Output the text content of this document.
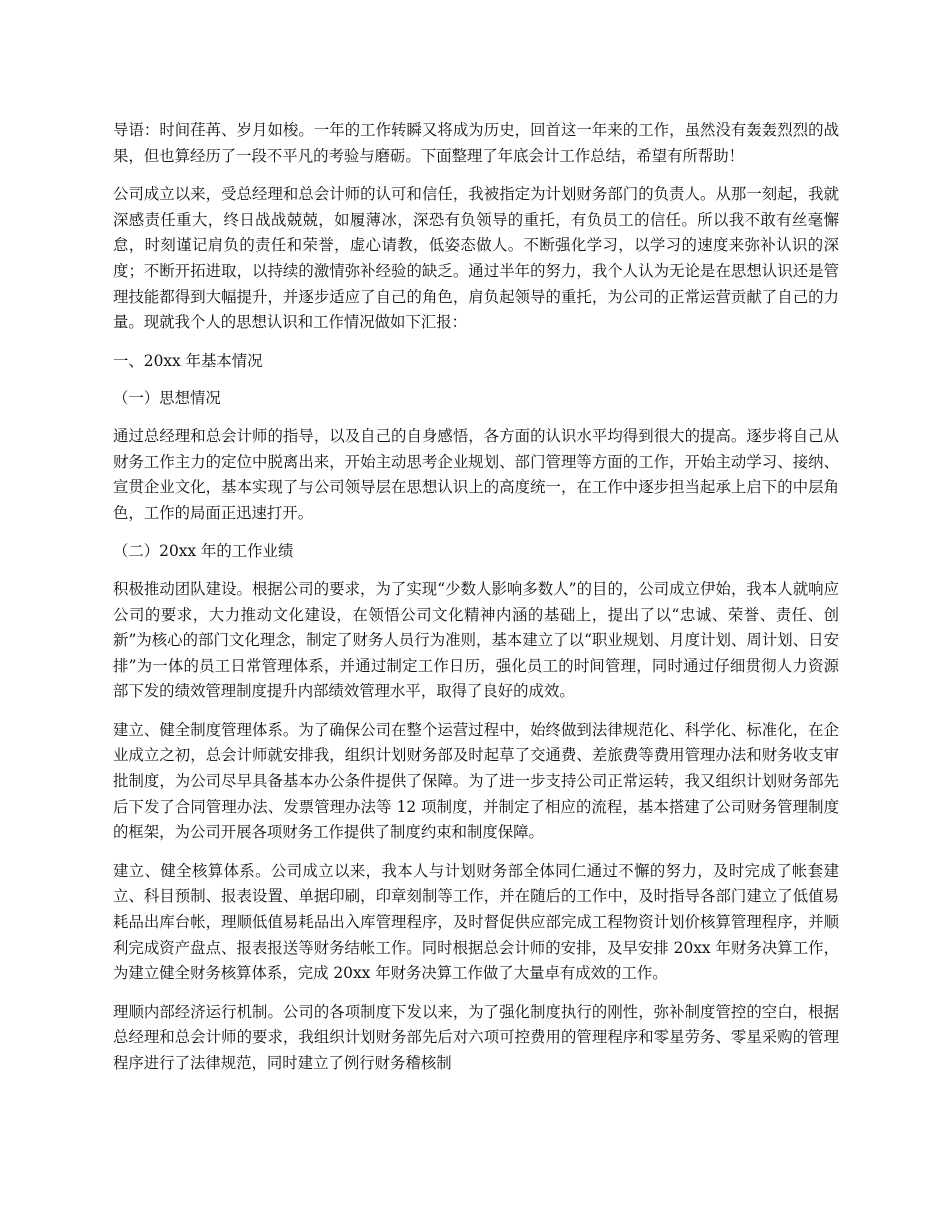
导语：时间荏苒、岁月如梭。一年的工作转瞬又将成为历史，回首这一年来的工作，虽然没有轰轰烈烈的战果，但也算经历了一段不平凡的考验与磨砺。下面整理了年底会计工作总结，希望有所帮助！

公司成立以来，受总经理和总会计师的认可和信任，我被指定为计划财务部门的负责人。从那一刻起，我就深感责任重大，终日战战兢兢，如履薄冰，深恐有负领导的重托，有负员工的信任。所以我不敢有丝毫懈怠，时刻谨记肩负的责任和荣誉，虚心请教，低姿态做人。不断强化学习，以学习的速度来弥补认识的深度；不断开拓进取，以持续的激情弥补经验的缺乏。通过半年的努力，我个人认为无论是在思想认识还是管理技能都得到大幅提升，并逐步适应了自己的角色，肩负起领导的重托，为公司的正常运营贡献了自己的力量。现就我个人的思想认识和工作情况做如下汇报：

一、20xx 年基本情况

（一）思想情况

通过总经理和总会计师的指导，以及自己的自身感悟，各方面的认识水平均得到很大的提高。逐步将自己从财务工作主力的定位中脱离出来，开始主动思考企业规划、部门管理等方面的工作，开始主动学习、接纳、宣贯企业文化，基本实现了与公司领导层在思想认识上的高度统一，在工作中逐步担当起承上启下的中层角色，工作的局面正迅速打开。

（二）20xx 年的工作业绩

积极推动团队建设。根据公司的要求，为了实现“少数人影响多数人”的目的，公司成立伊始，我本人就响应公司的要求，大力推动文化建设，在领悟公司文化精神内涵的基础上，提出了以“忠诚、荣誉、责任、创新”为核心的部门文化理念，制定了财务人员行为准则，基本建立了以“职业规划、月度计划、周计划、日安排”为一体的员工日常管理体系，并通过制定工作日历，强化员工的时间管理，同时通过仔细贯彻人力资源部下发的绩效管理制度提升内部绩效管理水平，取得了良好的成效。

建立、健全制度管理体系。为了确保公司在整个运营过程中，始终做到法律规范化、科学化、标准化，在企业成立之初，总会计师就安排我，组织计划财务部及时起草了交通费、差旅费等费用管理办法和财务收支审批制度，为公司尽早具备基本办公条件提供了保障。为了进一步支持公司正常运转，我又组织计划财务部先后下发了合同管理办法、发票管理办法等 12 项制度，并制定了相应的流程，基本搭建了公司财务管理制度的框架，为公司开展各项财务工作提供了制度约束和制度保障。

建立、健全核算体系。公司成立以来，我本人与计划财务部全体同仁通过不懈的努力，及时完成了帐套建立、科目预制、报表设置、单据印刷，印章刻制等工作，并在随后的工作中，及时指导各部门建立了低值易耗品出库台帐，理顺低值易耗品出入库管理程序，及时督促供应部完成工程物资计划价核算管理程序，并顺利完成资产盘点、报表报送等财务结帐工作。同时根据总会计师的安排，及早安排 20xx 年财务决算工作，为建立健全财务核算体系，完成 20xx 年财务决算工作做了大量卓有成效的工作。

理顺内部经济运行机制。公司的各项制度下发以来，为了强化制度执行的刚性，弥补制度管控的空白，根据总经理和总会计师的要求，我组织计划财务部先后对六项可控费用的管理程序和零星劳务、零星采购的管理程序进行了法律规范，同时建立了例行财务稽核制
